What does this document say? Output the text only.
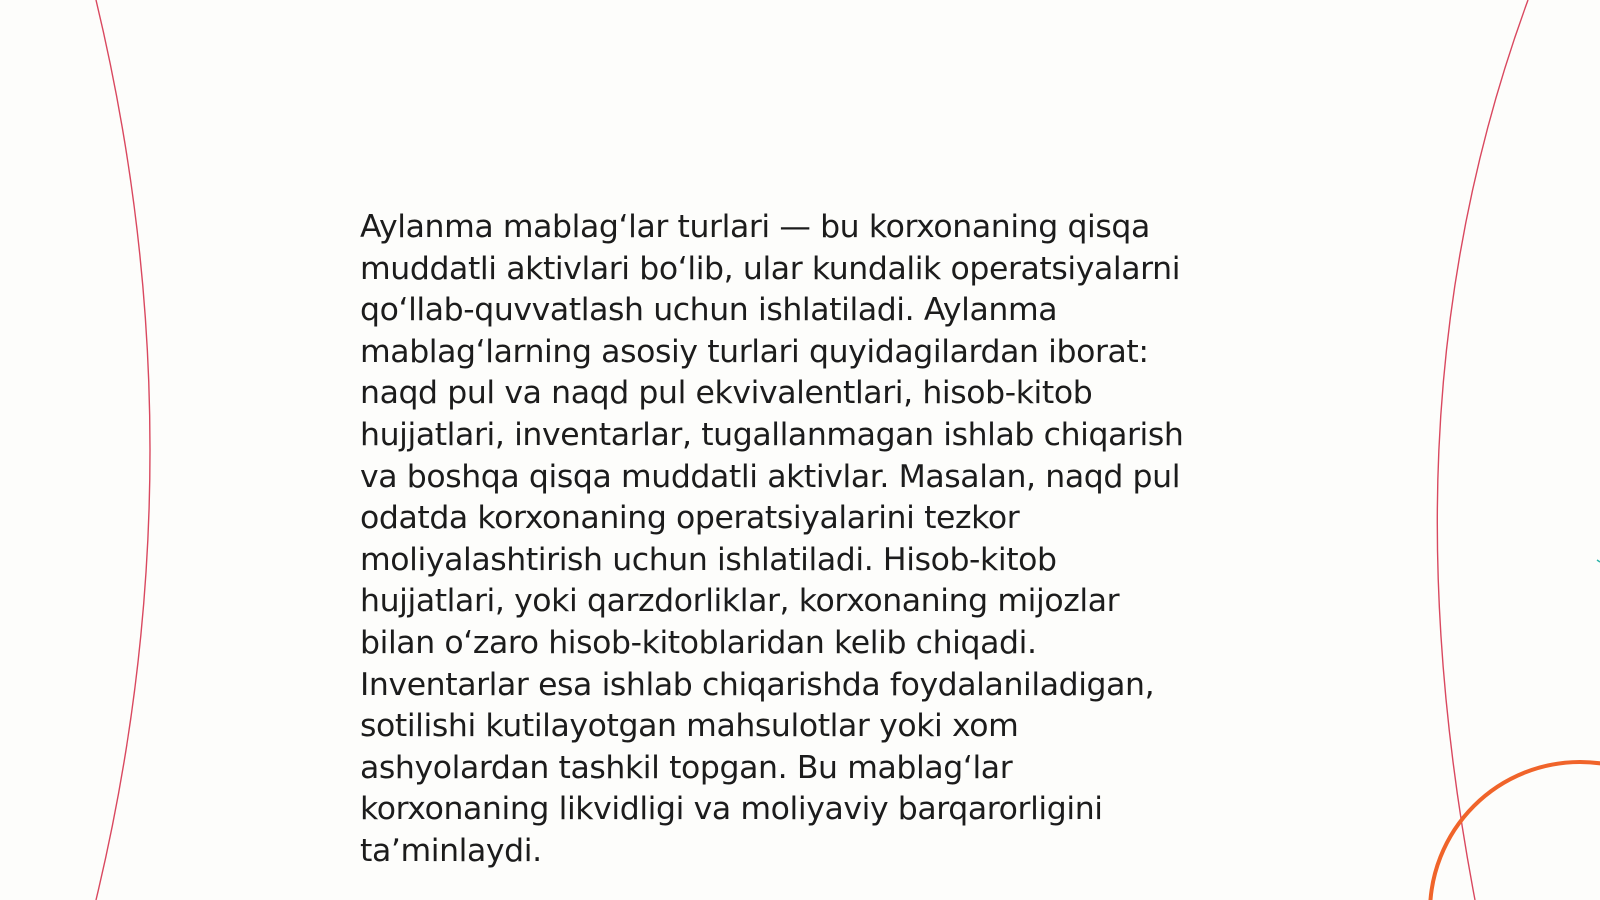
Aylanma mablag‘lar turlari — bu korxonaning qisqa
muddatli aktivlari bo‘lib, ular kundalik operatsiyalarni
qo‘llab-quvvatlash uchun ishlatiladi. Aylanma
mablag‘larning asosiy turlari quyidagilardan iborat:
naqd pul va naqd pul ekvivalentlari, hisob-kitob
hujjatlari, inventarlar, tugallanmagan ishlab chiqarish
va boshqa qisqa muddatli aktivlar. Masalan, naqd pul
odatda korxonaning operatsiyalarini tezkor
moliyalashtirish uchun ishlatiladi. Hisob-kitob
hujjatlari, yoki qarzdorliklar, korxonaning mijozlar
bilan o‘zaro hisob-kitoblaridan kelib chiqadi.
Inventarlar esa ishlab chiqarishda foydalaniladigan,
sotilishi kutilayotgan mahsulotlar yoki xom
ashyolardan tashkil topgan. Bu mablag‘lar
korxonaning likvidligi va moliyaviy barqarorligini
ta’minlaydi.
